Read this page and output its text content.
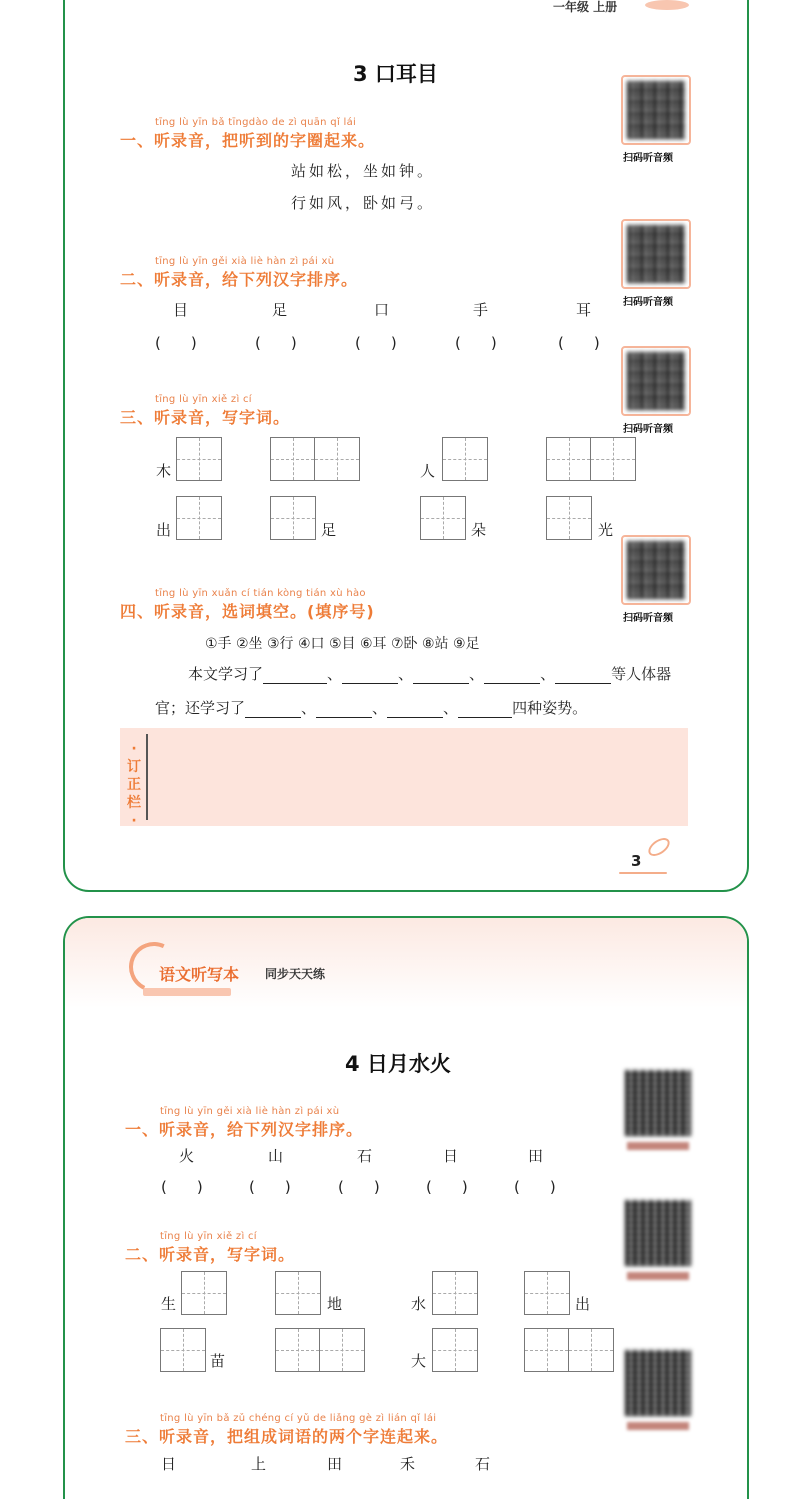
一年级 上册
3 口耳目
扫码听音频
扫码听音频
扫码听音频
扫码听音频
tīng lù yīn bǎ tīngdào de zì quān qǐ lái
一、听录音，把听到的字圈起来。
站如松，坐如钟。
行如风，卧如弓。
tīng lù yīn gěi xià liè hàn zì pái xù
二、听录音，给下列汉字排序。
目	足	口	手	耳
(　　)	(　　)	(　　)	(　　)	(　　)
tīng lù yīn xiě zì cí
三、听录音，写字词。
木	人
出	足	朵	光
tīng lù yīn xuǎn cí tián kòng tián xù hào
四、听录音，选词填空。(填序号)
①手 ②坐 ③行 ④口 ⑤目 ⑥耳 ⑦卧 ⑧站 ⑨足
本文学习了	、	、	、	、	等人体器
官；还学习了	、	、	、	四种姿势。
·订正栏·
3
语文听写本 同步天天练
4 日月水火
tīng lù yīn gěi xià liè hàn zì pái xù
一、听录音，给下列汉字排序。
火	山	石	日	田
(　　)	(　　)	(　　)	(　　)	(　　)
tīng lù yīn xiě zì cí
二、听录音，写字词。
生	地	水	出
苗	大
tīng lù yīn bǎ zǔ chéng cí yǔ de liǎng gè zì lián qǐ lái
三、听录音，把组成词语的两个字连起来。
日	上	田	禾	石
